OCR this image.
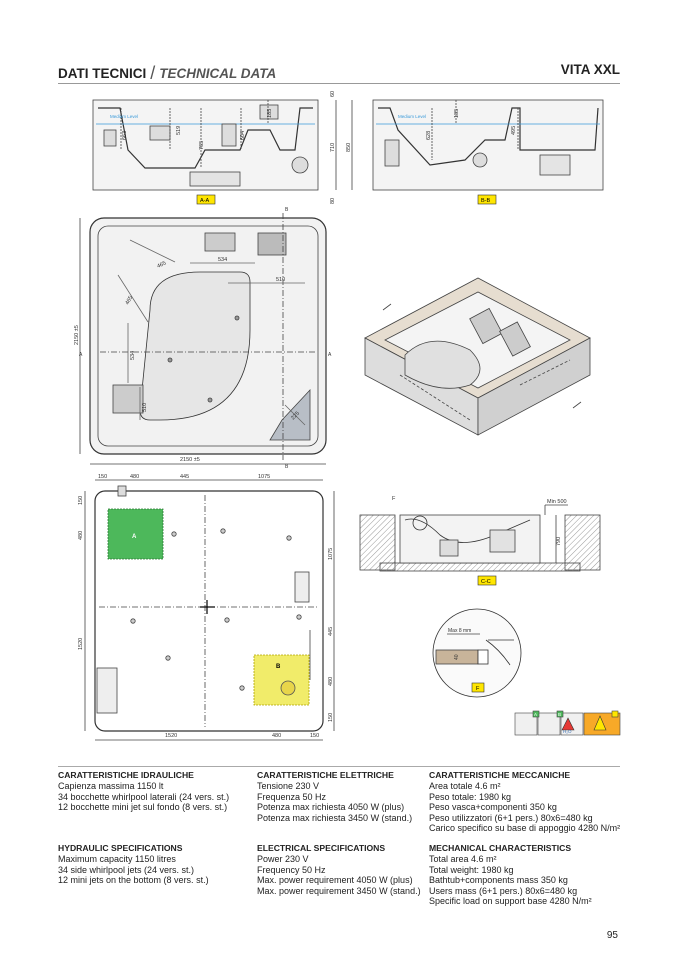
DATI TECNICI / TECHNICAL DATA	VITA XXL
Medium Level
663
519
765
604
185
60
710 850
80
A-A
Medium Level	185
628
495
B-B
534
465
465
534
510
510
225
2150 ±5
2150 ±5
A	A
B
B
A
B
150	480	445	1075
150
480
1520
1075
445
480
150
1520	480	150
F	Min 500
790
C-C
Max 8 mm
40
F
A	B
H₂O
CARATTERISTICHE IDRAULICHE
Capienza massima 1150 lt
34 bocchette whirlpool laterali (24 vers. st.)
12 bocchette mini jet sul fondo (8 vers. st.)
CARATTERISTICHE ELETTRICHE
Tensione 230 V
Frequenza 50 Hz
Potenza max richiesta 4050 W (plus)
Potenza max richiesta 3450 W (stand.)
CARATTERISTICHE MECCANICHE
Area totale 4.6 m²
Peso totale: 1980 kg
Peso vasca+componenti 350 kg
Peso utilizzatori (6+1 pers.) 80x6=480 kg
Carico specifico su base di appoggio 4280 N/m²
HYDRAULIC SPECIFICATIONS
Maximum capacity 1150 litres
34 side whirlpool jets (24 vers. st.)
12 mini jets on the bottom (8 vers. st.)
ELECTRICAL SPECIFICATIONS
Power 230 V
Frequency 50 Hz
Max. power requirement 4050 W (plus)
Max. power requirement 3450 W (stand.)
MECHANICAL CHARACTERISTICS
Total area 4.6 m²
Total weight: 1980 kg
Bathtub+components mass 350 kg
Users mass (6+1 pers.) 80x6=480 kg
Specific load on support base 4280 N/m²
95
